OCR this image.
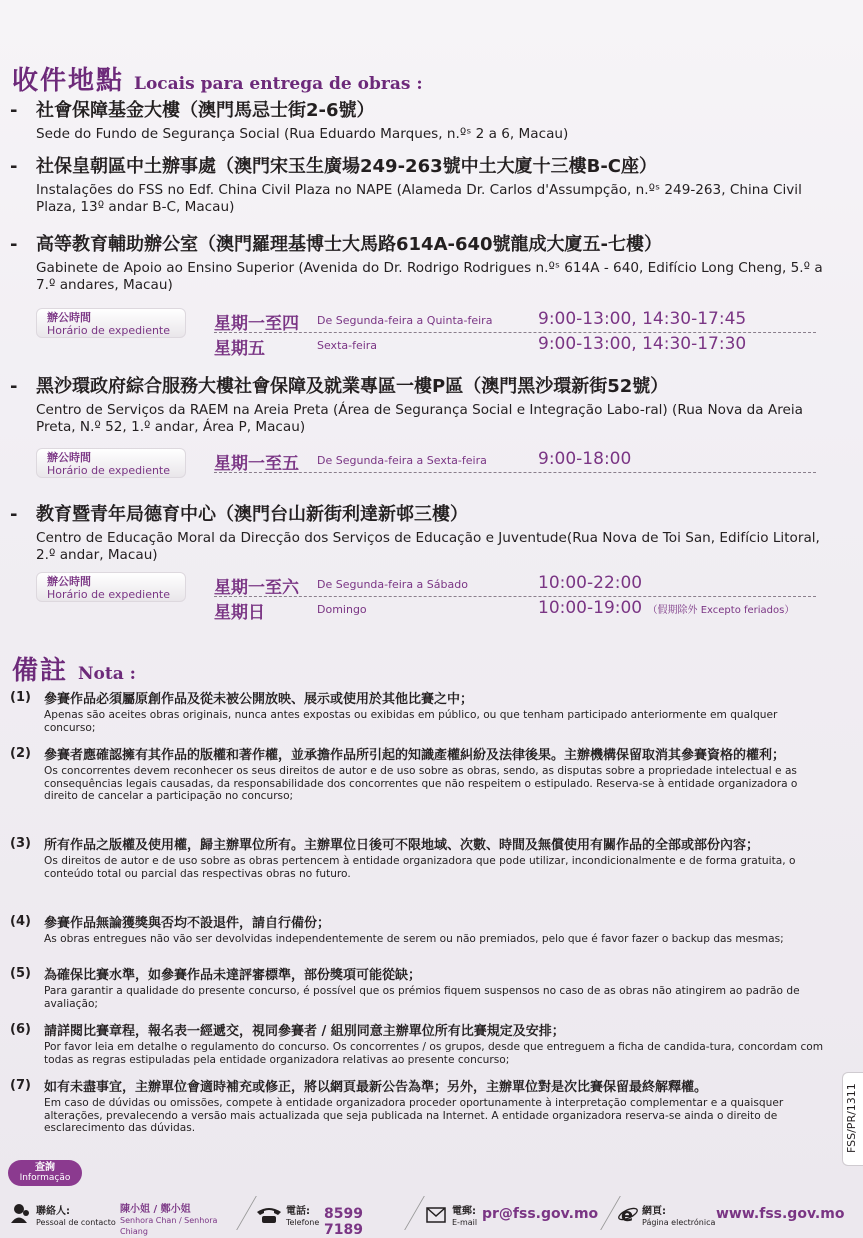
收件地點 Locais para entrega de obras :
- 社會保障基金大樓（澳門馬忌士街2-6號）
Sede do Fundo de Segurança Social (Rua Eduardo Marques, n.ºˢ 2 a 6, Macau)
- 社保皇朝區中土辦事處（澳門宋玉生廣場249-263號中土大廈十三樓B-C座）
Instalações do FSS no Edf. China Civil Plaza no NAPE (Alameda Dr. Carlos d'Assumpção, n.ºˢ 249-263, China Civil Plaza, 13º andar B-C, Macau)
- 高等教育輔助辦公室（澳門羅理基博士大馬路614A-640號龍成大廈五-七樓）
Gabinete de Apoio ao Ensino Superior (Avenida do Dr. Rodrigo Rodrigues n.ºˢ 614A - 640, Edifício Long Cheng, 5.º a 7.º andares, Macau)
辦公時間
Horário de expediente	星期一至四 De Segunda-feira a Quinta-feira	9:00-13:00, 14:30-17:45
星期五	Sexta-feira	9:00-13:00, 14:30-17:30
- 黑沙環政府綜合服務大樓社會保障及就業專區一樓P區（澳門黑沙環新街52號）
Centro de Serviços da RAEM na Areia Preta (Área de Segurança Social e Integração Labo-ral) (Rua Nova da Areia Preta, N.º 52, 1.º andar, Área P, Macau)
辦公時間
Horário de expediente	星期一至五 De Segunda-feira a Sexta-feira	9:00-18:00
- 教育暨青年局德育中心（澳門台山新街利達新邨三樓）
Centro de Educação Moral da Direcção dos Serviços de Educação e Juventude(Rua Nova de Toi San, Edifício Litoral, 2.º andar, Macau)
辦公時間
Horário de expediente	星期一至六 De Segunda-feira a Sábado	10:00-22:00
星期日	Domingo	10:00-19:00 （假期除外 Excepto feriados）
備註 Nota :
(1) 參賽作品必須屬原創作品及從未被公開放映、展示或使用於其他比賽之中；
Apenas são aceites obras originais, nunca antes expostas ou exibidas em público, ou que tenham participado anteriormente em qualquer concurso;
(2) 參賽者應確認擁有其作品的版權和著作權，並承擔作品所引起的知識產權糾紛及法律後果。主辦機構保留取消其參賽資格的權利；
Os concorrentes devem reconhecer os seus direitos de autor e de uso sobre as obras, sendo, as disputas sobre a propriedade intelectual e as consequências legais causadas, da responsabilidade dos concorrentes que não respeitem o estipulado. Reserva-se à entidade organizadora o direito de cancelar a participação no concurso;
(3) 所有作品之版權及使用權，歸主辦單位所有。主辦單位日後可不限地域、次數、時間及無償使用有關作品的全部或部份內容；
Os direitos de autor e de uso sobre as obras pertencem à entidade organizadora que pode utilizar, incondicionalmente e de forma gratuita, o conteúdo total ou parcial das respectivas obras no futuro.
(4) 參賽作品無論獲獎與否均不設退件，請自行備份；
As obras entregues não vão ser devolvidas independentemente de serem ou não premiados, pelo que é favor fazer o backup das mesmas;
(5) 為確保比賽水準，如參賽作品未達評審標準，部份獎項可能從缺；
Para garantir a qualidade do presente concurso, é possível que os prémios fiquem suspensos no caso de as obras não atingirem ao padrão de avaliação;
(6) 請詳閱比賽章程，報名表一經遞交，視同參賽者 / 組別同意主辦單位所有比賽規定及安排；
Por favor leia em detalhe o regulamento do concurso. Os concorrentes / os grupos, desde que entreguem a ficha de candida-tura, concordam com todas as regras estipuladas pela entidade organizadora relativas ao presente concurso;
(7) 如有未盡事宜，主辦單位會適時補充或修正，將以網頁最新公告為準；另外，主辦單位對是次比賽保留最終解釋權。
Em caso de dúvidas ou omissões, compete à entidade organizadora proceder oportunamente à interpretação complementar e a quaisquer alterações, prevalecendo a versão mais actualizada que seja publicada na Internet. A entidade organizadora reserva-se ainda o direito de esclarecimento das dúvidas.	FSS/PR/1311
查詢
Informação
聯絡人:
Pessoal de contacto
陳小姐 / 鄭小姐
Senhora Chan / Senhora Chiang
電話:
Telefone
8599 7189
電郵:
E-mail
pr@fss.gov.mo e 網頁:
Página electrónica
www.fss.gov.mo
